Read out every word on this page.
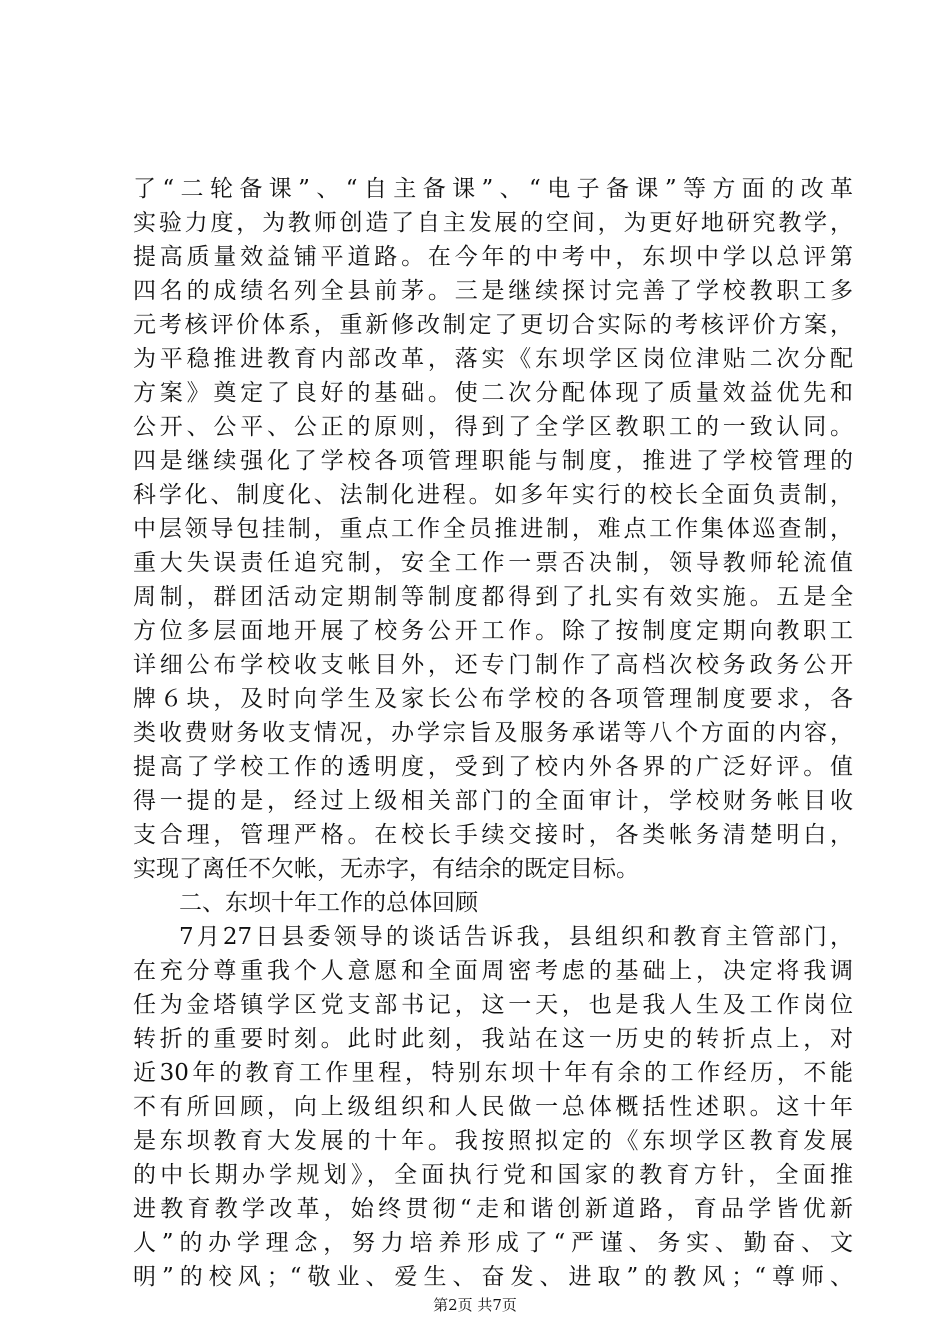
了“二轮备课”、“自主备课”、“电子备课”等方面的改革
实验力度，为教师创造了自主发展的空间，为更好地研究教学，
提高质量效益铺平道路。在今年的中考中，东坝中学以总评第
四名的成绩名列全县前茅。三是继续探讨完善了学校教职工多
元考核评价体系，重新修改制定了更切合实际的考核评价方案，
为平稳推进教育内部改革，落实《东坝学区岗位津贴二次分配
方案》奠定了良好的基础。使二次分配体现了质量效益优先和
公开、公平、公正的原则，得到了全学区教职工的一致认同。
四是继续强化了学校各项管理职能与制度，推进了学校管理的
科学化、制度化、法制化进程。如多年实行的校长全面负责制，
中层领导包挂制，重点工作全员推进制，难点工作集体巡查制，
重大失误责任追究制，安全工作一票否决制，领导教师轮流值
周制，群团活动定期制等制度都得到了扎实有效实施。五是全
方位多层面地开展了校务公开工作。除了按制度定期向教职工
详细公布学校收支帐目外，还专门制作了高档次校务政务公开
牌６块，及时向学生及家长公布学校的各项管理制度要求，各
类收费财务收支情况，办学宗旨及服务承诺等八个方面的内容，
提高了学校工作的透明度，受到了校内外各界的广泛好评。值
得一提的是，经过上级相关部门的全面审计，学校财务帐目收
支合理，管理严格。在校长手续交接时，各类帐务清楚明白，
实现了离任不欠帐，无赤字，有结余的既定目标。
二、东坝十年工作的总体回顾
7月27日县委领导的谈话告诉我，县组织和教育主管部门，
在充分尊重我个人意愿和全面周密考虑的基础上，决定将我调
任为金塔镇学区党支部书记，这一天，也是我人生及工作岗位
转折的重要时刻。此时此刻，我站在这一历史的转折点上，对
近30年的教育工作里程，特别东坝十年有余的工作经历，不能
不有所回顾，向上级组织和人民做一总体概括性述职。这十年
是东坝教育大发展的十年。我按照拟定的《东坝学区教育发展
的中长期办学规划》，全面执行党和国家的教育方针，全面推
进教育教学改革，始终贯彻“走和谐创新道路，育品学皆优新
人”的办学理念，努力培养形成了“严谨、务实、勤奋、文
明”的校风；“敬业、爱生、奋发、进取”的教风；“尊师、
第2页 共7页
